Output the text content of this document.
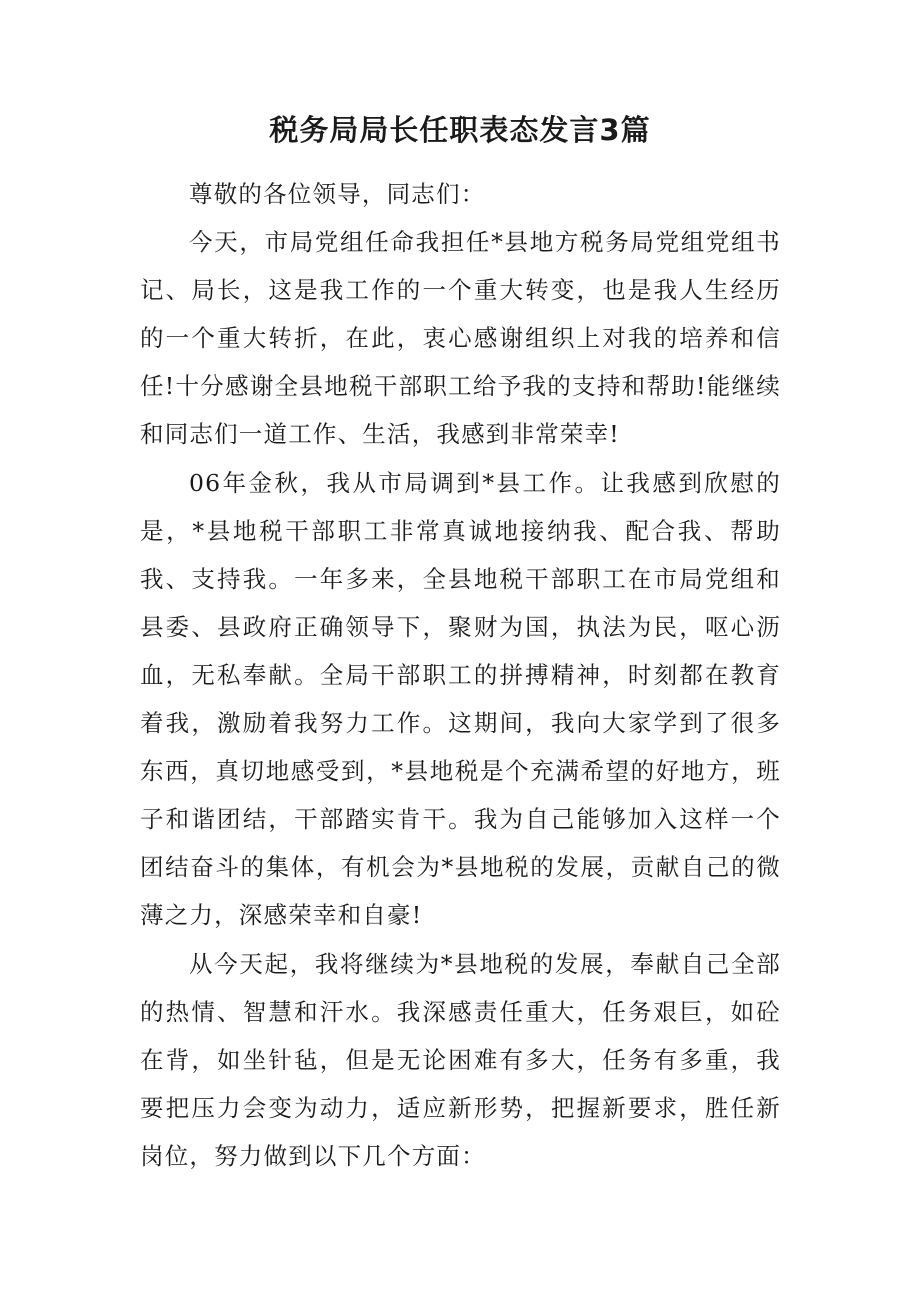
税务局局长任职表态发言3篇

尊敬的各位领导，同志们：

今天，市局党组任命我担任*县地方税务局党组党组书记、局长，这是我工作的一个重大转变，也是我人生经历的一个重大转折，在此，衷心感谢组织上对我的培养和信任!十分感谢全县地税干部职工给予我的支持和帮助!能继续和同志们一道工作、生活，我感到非常荣幸!

06年金秋，我从市局调到*县工作。让我感到欣慰的是，*县地税干部职工非常真诚地接纳我、配合我、帮助我、支持我。一年多来，全县地税干部职工在市局党组和县委、县政府正确领导下，聚财为国，执法为民，呕心沥血，无私奉献。全局干部职工的拼搏精神，时刻都在教育着我，激励着我努力工作。这期间，我向大家学到了很多东西，真切地感受到，*县地税是个充满希望的好地方，班子和谐团结，干部踏实肯干。我为自己能够加入这样一个团结奋斗的集体，有机会为*县地税的发展，贡献自己的微薄之力，深感荣幸和自豪!

从今天起，我将继续为*县地税的发展，奉献自己全部的热情、智慧和汗水。我深感责任重大，任务艰巨，如砼在背，如坐针毡，但是无论困难有多大，任务有多重，我要把压力会变为动力，适应新形势，把握新要求，胜任新岗位，努力做到以下几个方面：
